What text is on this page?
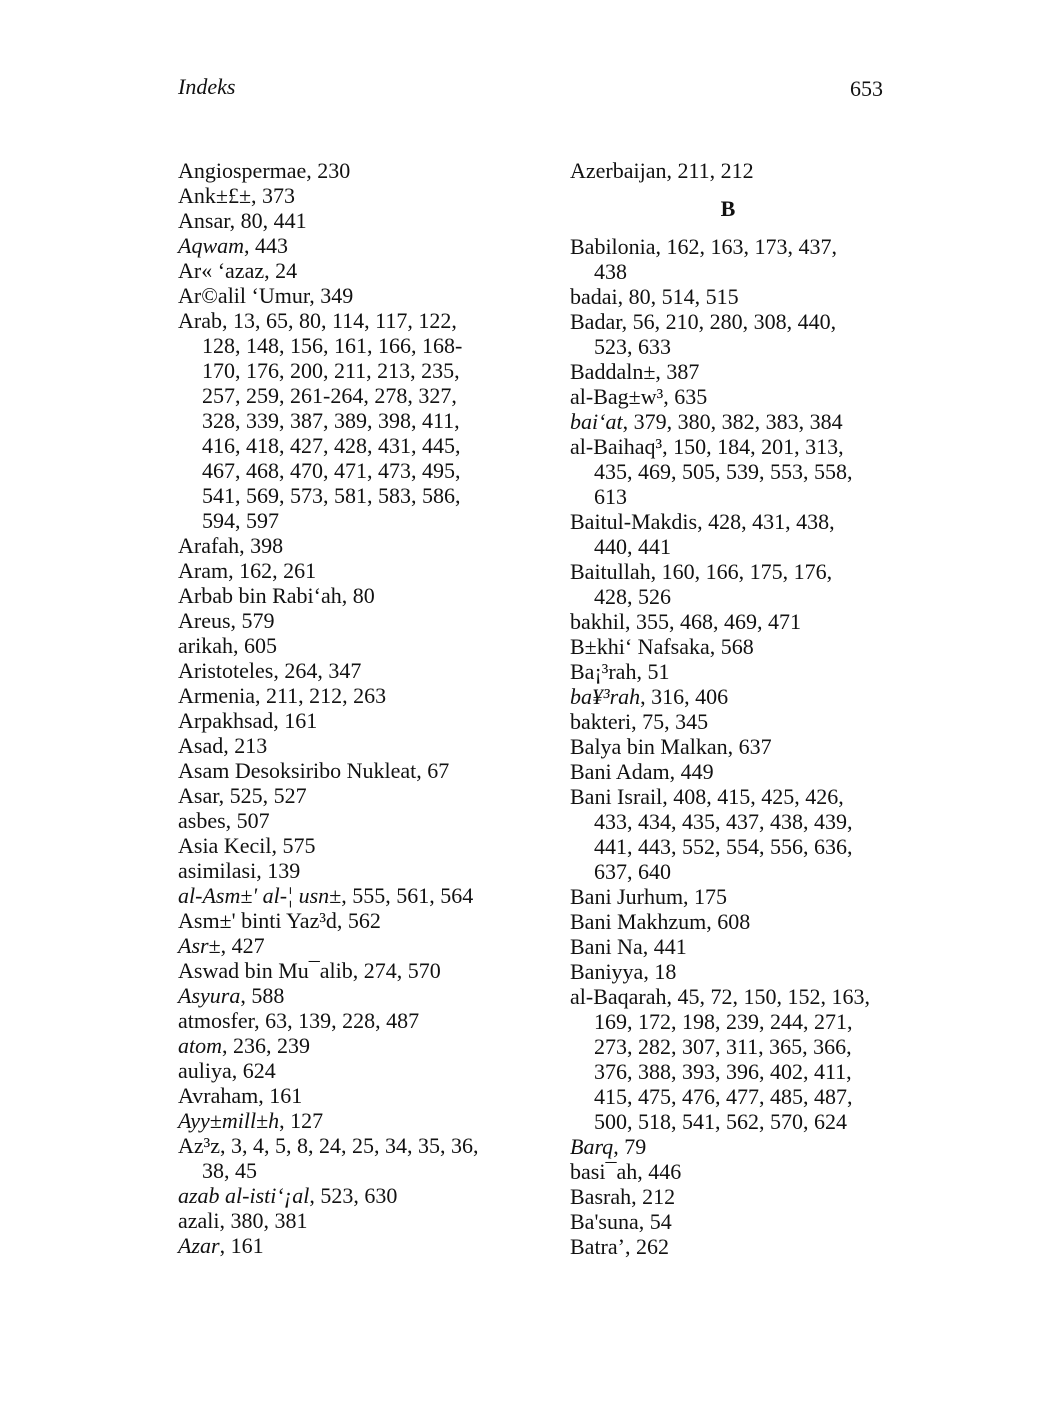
Indeks	653
Angiospermae, 230
Ank±£±, 373
Ansar, 80, 441
Aqwam, 443
Ar« ‘azaz, 24
Ar©alil ‘Umur, 349
Arab, 13, 65, 80, 114, 117, 122,
128, 148, 156, 161, 166, 168-
170, 176, 200, 211, 213, 235,
257, 259, 261-264, 278, 327,
328, 339, 387, 389, 398, 411,
416, 418, 427, 428, 431, 445,
467, 468, 470, 471, 473, 495,
541, 569, 573, 581, 583, 586,
594, 597
Arafah, 398
Aram, 162, 261
Arbab bin Rabi‘ah, 80
Areus, 579
arikah, 605
Aristoteles, 264, 347
Armenia, 211, 212, 263
Arpakhsad, 161
Asad, 213
Asam Desoksiribo Nukleat, 67
Asar, 525, 527
asbes, 507
Asia Kecil, 575
asimilasi, 139
al-Asm±' al-¦ usn±, 555, 561, 564
Asm±' binti Yaz³d, 562
Asr±, 427
Aswad bin Mu¯alib, 274, 570
Asyura, 588
atmosfer, 63, 139, 228, 487
atom, 236, 239
auliya, 624
Avraham, 161
Ayy±mill±h, 127
Az³z, 3, 4, 5, 8, 24, 25, 34, 35, 36,
38, 45
azab al-isti‘¡al, 523, 630
azali, 380, 381
Azar, 161
Azerbaijan, 211, 212
B
Babilonia, 162, 163, 173, 437,
438
badai, 80, 514, 515
Badar, 56, 210, 280, 308, 440,
523, 633
Baddaln±, 387
al-Bag±w³, 635
bai‘at, 379, 380, 382, 383, 384
al-Baihaq³, 150, 184, 201, 313,
435, 469, 505, 539, 553, 558,
613
Baitul-Makdis, 428, 431, 438,
440, 441
Baitullah, 160, 166, 175, 176,
428, 526
bakhil, 355, 468, 469, 471
B±khi‘ Nafsaka, 568
Ba¡³rah, 51
ba¥³rah, 316, 406
bakteri, 75, 345
Balya bin Malkan, 637
Bani Adam, 449
Bani Israil, 408, 415, 425, 426,
433, 434, 435, 437, 438, 439,
441, 443, 552, 554, 556, 636,
637, 640
Bani Jurhum, 175
Bani Makhzum, 608
Bani Na, 441
Baniyya, 18
al-Baqarah, 45, 72, 150, 152, 163,
169, 172, 198, 239, 244, 271,
273, 282, 307, 311, 365, 366,
376, 388, 393, 396, 402, 411,
415, 475, 476, 477, 485, 487,
500, 518, 541, 562, 570, 624
Barq, 79
basi¯ah, 446
Basrah, 212
Ba'suna, 54
Batra’, 262
